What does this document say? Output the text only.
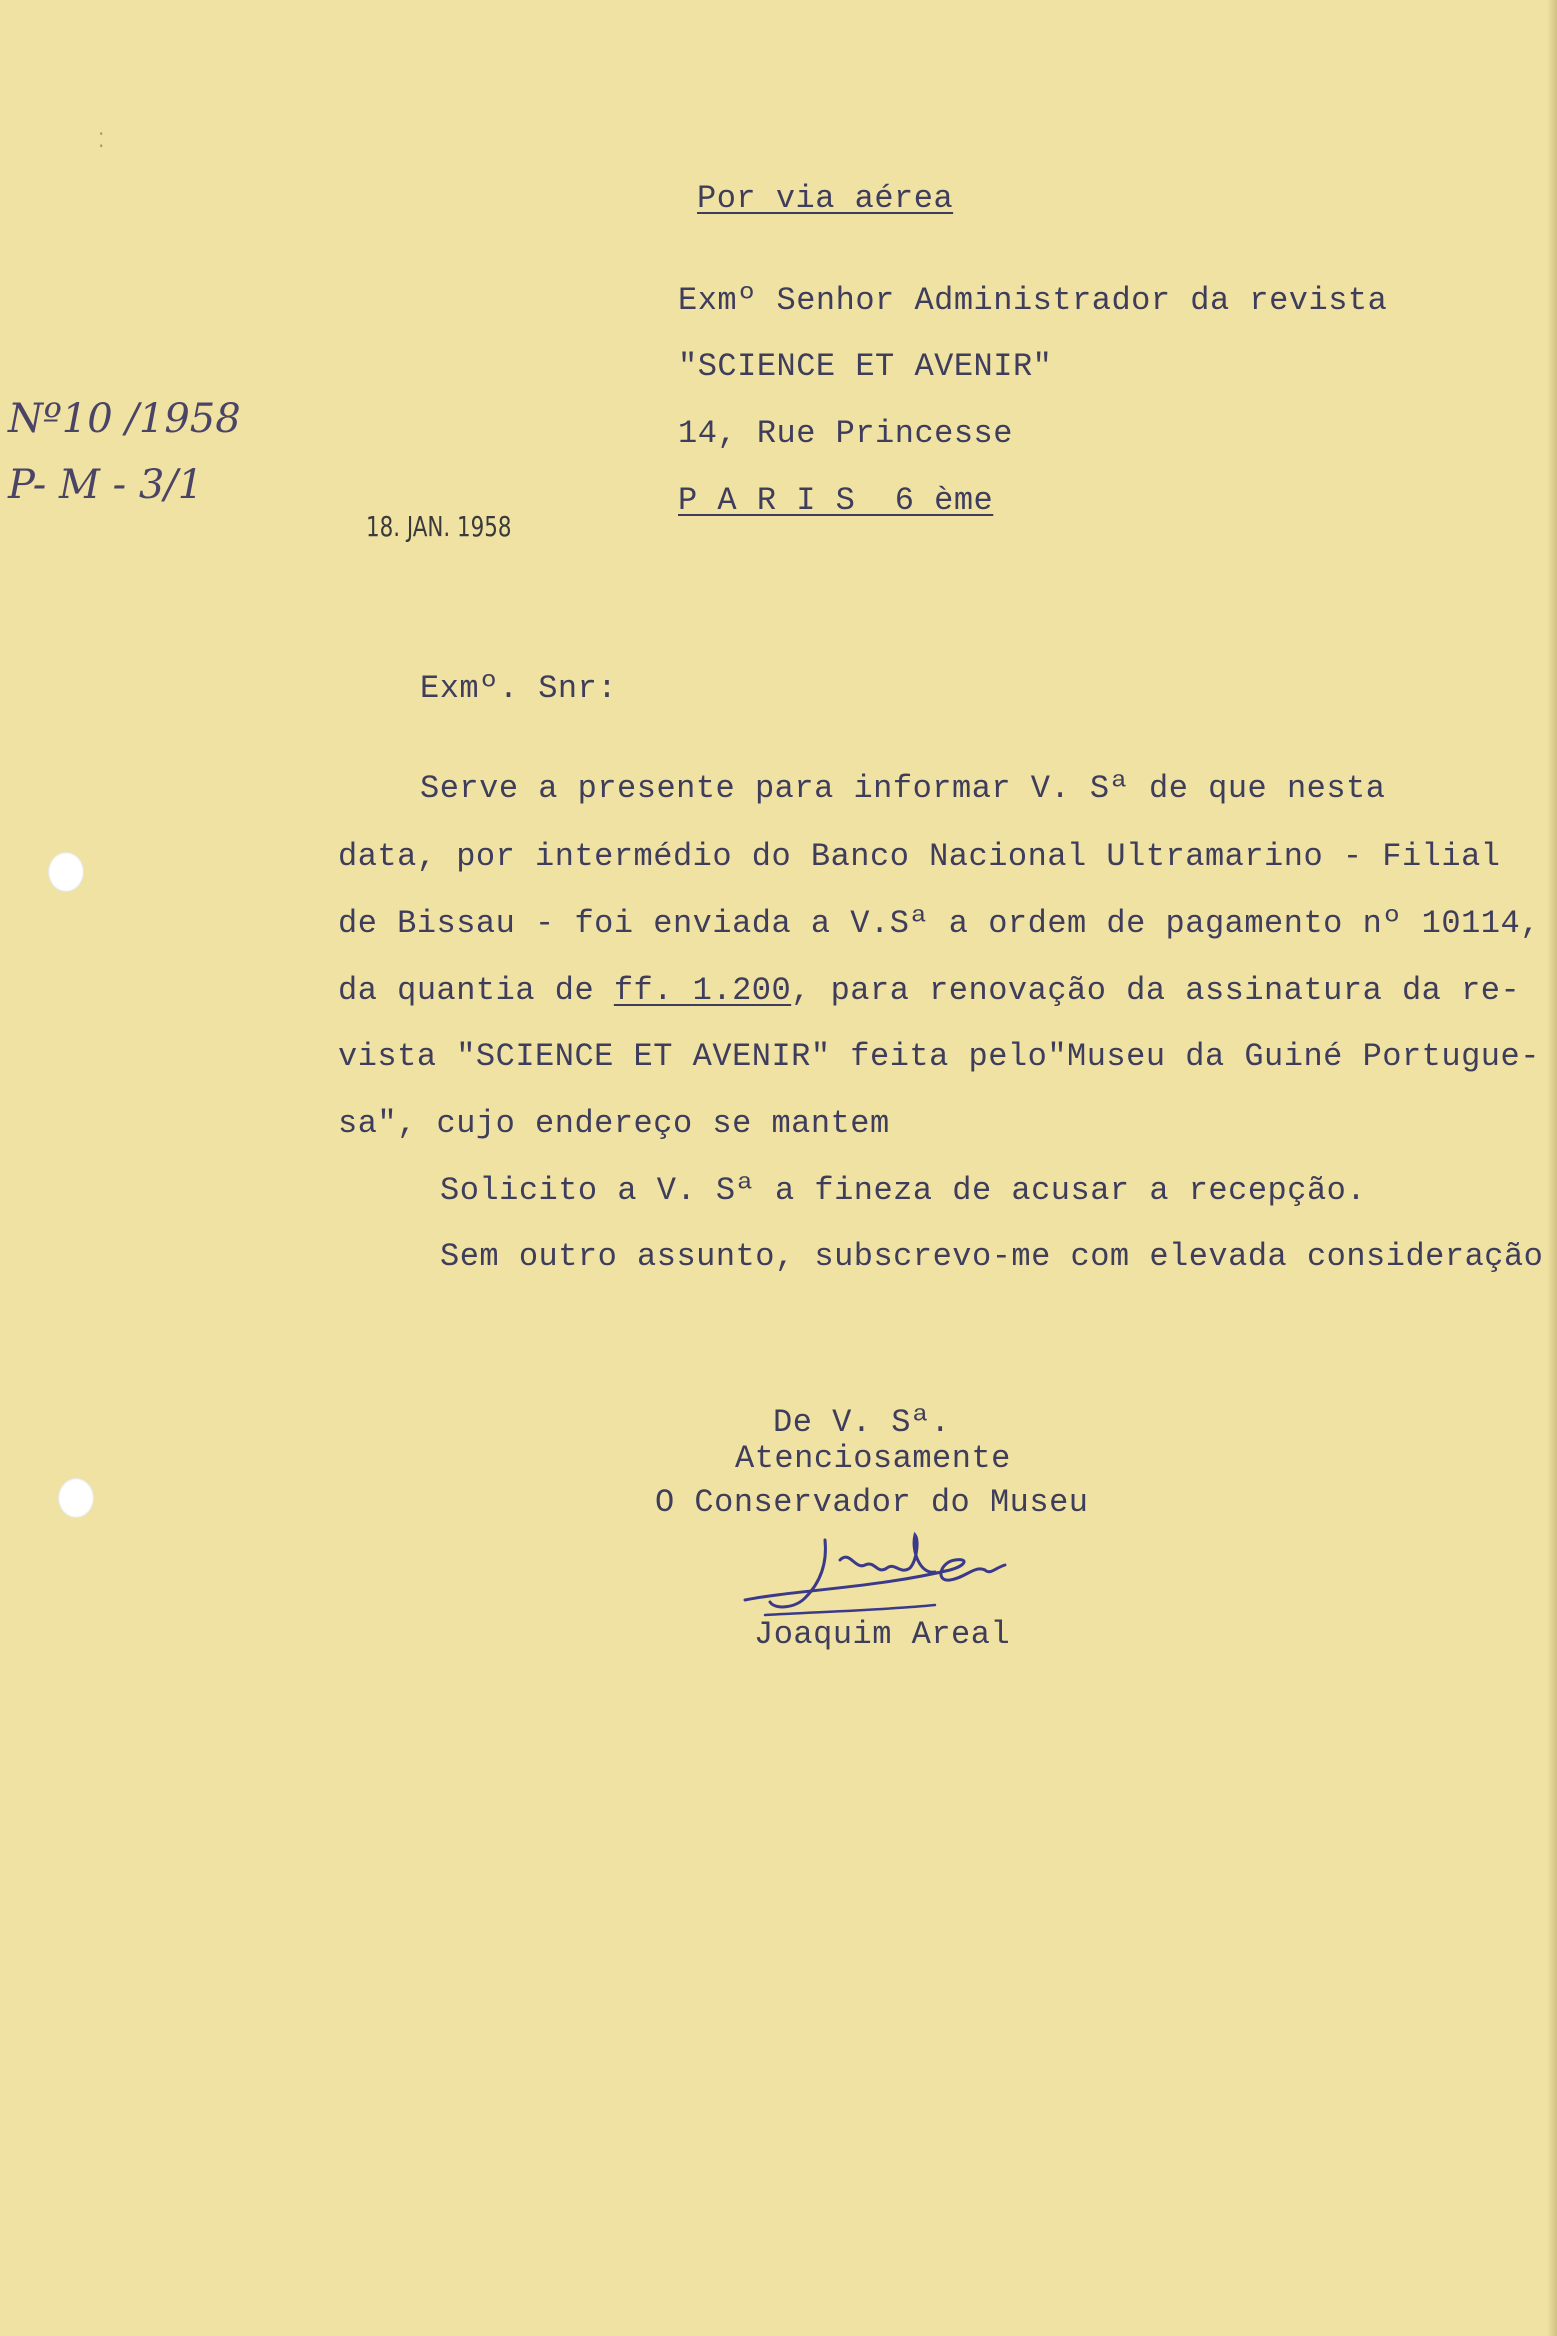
⁚
Por via aérea
Exmº Senhor Administrador da revista
"SCIENCE ET AVENIR"
14, Rue Princesse
P A R I S  6 ème
Nº10 /1958
P- M - 3/1
18. JAN. 1958
Exmº. Snr:
Serve a presente para informar V. Sª de que nesta
data, por intermédio do Banco Nacional Ultramarino - Filial
de Bissau - foi enviada a V.Sª a ordem de pagamento nº 10114,
da quantia de ff. 1.200, para renovação da assinatura da re-
vista "SCIENCE ET AVENIR" feita pelo"Museu da Guiné Portugue-
sa", cujo endereço se mantem
Solicito a V. Sª a fineza de acusar a recepção.
Sem outro assunto, subscrevo-me com elevada consideração
De V. Sª.
Atenciosamente
O Conservador do Museu
Joaquim Areal
